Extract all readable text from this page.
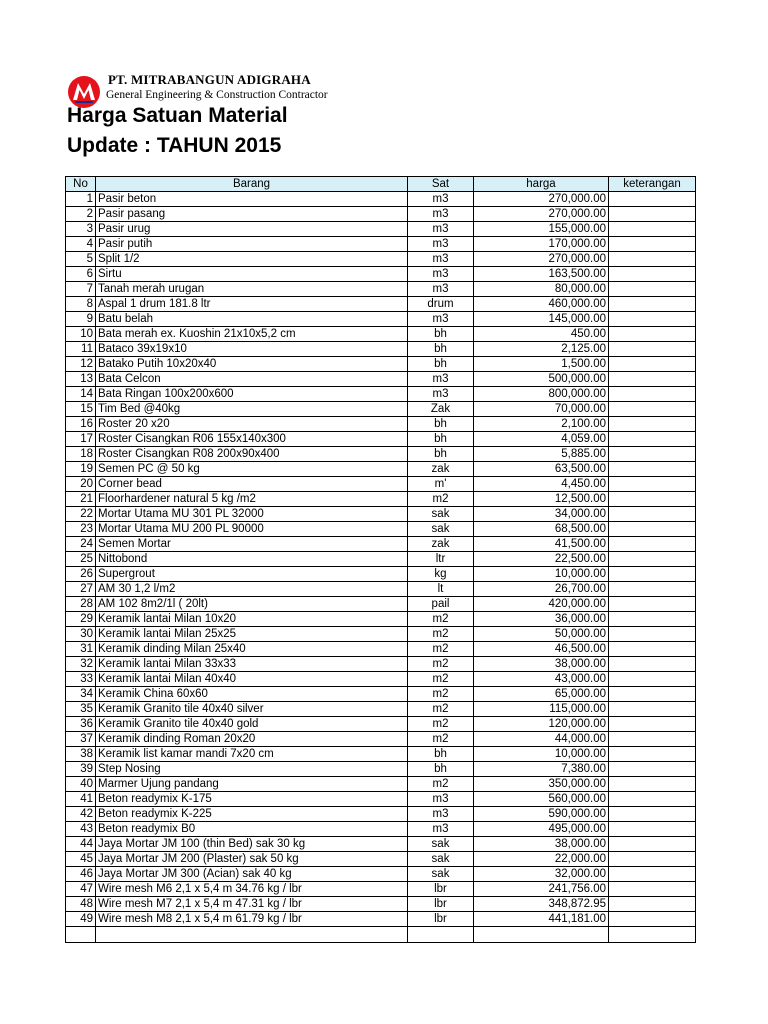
PT. MITRABANGUN ADIGRAHA
General Engineering & Construction Contractor
Harga Satuan Material
Update : TAHUN 2015
No	Barang	Sat	harga	keterangan
1	Pasir beton	m3	270,000.00	
2	Pasir pasang	m3	270,000.00	
3	Pasir urug	m3	155,000.00	
4	Pasir putih	m3	170,000.00	
5	Split 1/2	m3	270,000.00	
6	Sirtu	m3	163,500.00	
7	Tanah merah urugan	m3	80,000.00	
8	Aspal 1 drum 181.8 ltr	drum	460,000.00	
9	Batu belah	m3	145,000.00	
10	Bata merah ex. Kuoshin 21x10x5,2 cm	bh	450.00	
11	Bataco 39x19x10	bh	2,125.00	
12	Batako Putih 10x20x40	bh	1,500.00	
13	Bata Celcon	m3	500,000.00	
14	Bata Ringan 100x200x600	m3	800,000.00	
15	Tim Bed @40kg	Zak	70,000.00	
16	Roster 20 x20	bh	2,100.00	
17	Roster Cisangkan R06 155x140x300	bh	4,059.00	
18	Roster Cisangkan R08 200x90x400	bh	5,885.00	
19	Semen PC @ 50 kg	zak	63,500.00	
20	Corner bead	m'	4,450.00	
21	Floorhardener natural 5 kg /m2	m2	12,500.00	
22	Mortar Utama MU 301 PL 32000	sak	34,000.00	
23	Mortar Utama MU 200 PL 90000	sak	68,500.00	
24	Semen Mortar	zak	41,500.00	
25	Nittobond	ltr	22,500.00	
26	Supergrout	kg	10,000.00	
27	AM 30 1,2 l/m2	lt	26,700.00	
28	AM 102 8m2/1l ( 20lt)	pail	420,000.00	
29	Keramik lantai Milan 10x20	m2	36,000.00	
30	Keramik lantai Milan 25x25	m2	50,000.00	
31	Keramik dinding Milan 25x40	m2	46,500.00	
32	Keramik lantai Milan 33x33	m2	38,000.00	
33	Keramik lantai Milan 40x40	m2	43,000.00	
34	Keramik China 60x60	m2	65,000.00	
35	Keramik Granito tile 40x40 silver	m2	115,000.00	
36	Keramik Granito tile 40x40 gold	m2	120,000.00	
37	Keramik dinding Roman 20x20	m2	44,000.00	
38	Keramik list kamar mandi 7x20 cm	bh	10,000.00	
39	Step Nosing	bh	7,380.00	
40	Marmer Ujung pandang	m2	350,000.00	
41	Beton readymix K-175	m3	560,000.00	
42	Beton readymix K-225	m3	590,000.00	
43	Beton readymix B0	m3	495,000.00	
44	Jaya Mortar JM 100 (thin Bed) sak 30 kg	sak	38,000.00	
45	Jaya Mortar JM 200 (Plaster) sak 50 kg	sak	22,000.00	
46	Jaya Mortar JM 300 (Acian) sak 40 kg	sak	32,000.00	
47	Wire mesh M6 2,1 x 5,4 m 34.76 kg / lbr	lbr	241,756.00	
48	Wire mesh M7 2,1 x 5,4 m 47.31 kg / lbr	lbr	348,872.95	
49	Wire mesh M8 2,1 x 5,4 m 61.79 kg / lbr	lbr	441,181.00	
